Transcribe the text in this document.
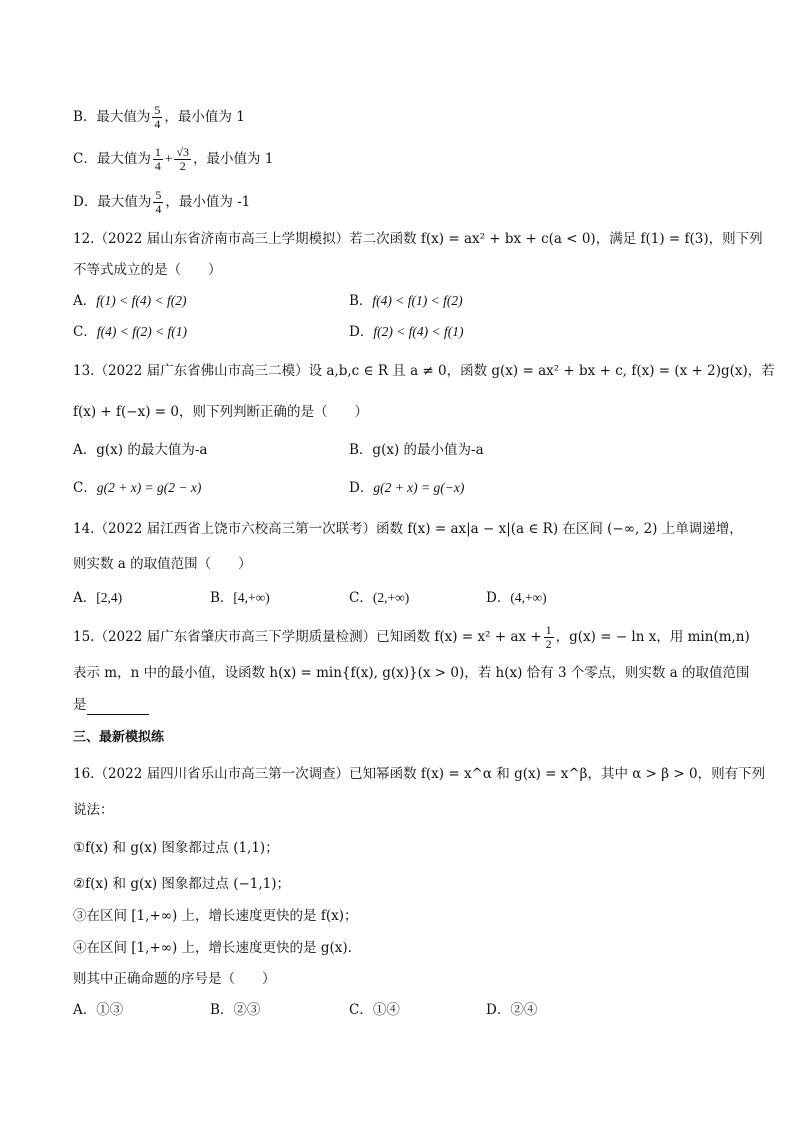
B．最大值为 $\frac{5}{4}$ ，最小值为 1
C．最大值为 $\frac{1}{4} + \frac{√3}{2}$ ，最小值为 1
D．最大值为 $\frac{5}{4}$ ，最小值为 -1
12.（2022 届山东省济南市高三上学期模拟）若二次函数 f(x) = ax² + bx + c(a < 0)，满足 f(1) = f(3)，则下列
不等式成立的是（　　）
A．f(1) < f(4) < f(2)	B．f(4) < f(1) < f(2)
C．f(4) < f(2) < f(1)	D．f(2) < f(4) < f(1)
13.（2022 届广东省佛山市高三二模）设 a,b,c ∈ R 且 a ≠ 0，函数 g(x) = ax² + bx + c, f(x) = (x + 2)g(x)，若
f(x) + f(−x) = 0，则下列判断正确的是（　　）
A．g(x) 的最大值为-a	B．g(x) 的最小值为-a
C．g(2 + x) = g(2 − x)	D．g(2 + x) = g(−x)
14.（2022 届江西省上饶市六校高三第一次联考）函数 f(x) = ax|a − x|(a ∈ R) 在区间 (−∞, 2) 上单调递增，
则实数 a 的取值范围（　　）
A．[2,4)	B．[4,+∞)	C．(2,+∞)	D．(4,+∞)
15.（2022 届广东省肇庆市高三下学期质量检测）已知函数 f(x) = x² + ax + $\frac{1}{2}$ ，g(x) = − ln x，用 min(m,n)
表示 m，n 中的最小值，设函数 h(x) = min{f(x), g(x)}(x > 0)，若 h(x) 恰有 3 个零点，则实数 a 的取值范围
是
三、最新模拟练
16.（2022 届四川省乐山市高三第一次调查）已知幂函数 f(x) = x^α 和 g(x) = x^β，其中 α > β > 0，则有下列
说法：
①f(x) 和 g(x) 图象都过点 (1,1)；
②f(x) 和 g(x) 图象都过点 (−1,1)；
③在区间 [1,+∞) 上，增长速度更快的是 f(x)；
④在区间 [1,+∞) 上，增长速度更快的是 g(x).
则其中正确命题的序号是（　　）
A．①③	B．②③	C．①④	D．②④
